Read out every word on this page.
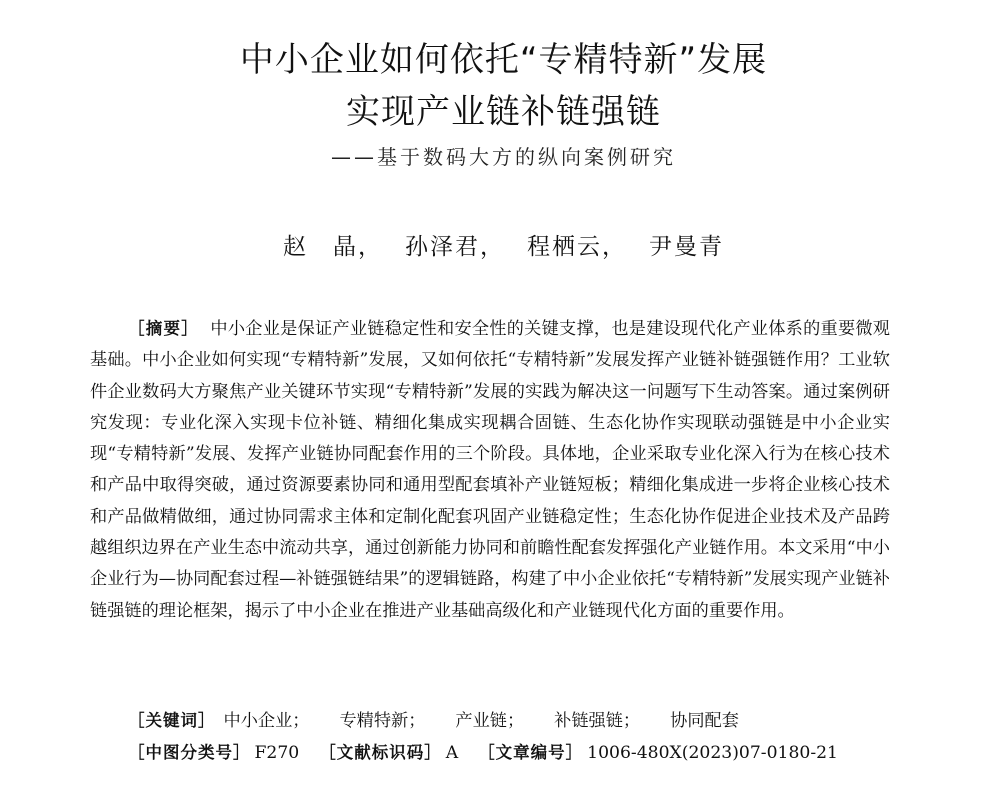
中小企业如何依托“专精特新”发展
实现产业链补链强链
——基于数码大方的纵向案例研究
赵　晶， 孙泽君， 程栖云， 尹曼青

［摘要］ 中小企业是保证产业链稳定性和安全性的关键支撑，也是建设现代化产业体系的重要微观基础。中小企业如何实现“专精特新”发展，又如何依托“专精特新”发展发挥产业链补链强链作用？工业软件企业数码大方聚焦产业关键环节实现“专精特新”发展的实践为解决这一问题写下生动答案。通过案例研究发现：专业化深入实现卡位补链、精细化集成实现耦合固链、生态化协作实现联动强链是中小企业实现“专精特新”发展、发挥产业链协同配套作用的三个阶段。具体地，企业采取专业化深入行为在核心技术和产品中取得突破，通过资源要素协同和通用型配套填补产业链短板；精细化集成进一步将企业核心技术和产品做精做细，通过协同需求主体和定制化配套巩固产业链稳定性；生态化协作促进企业技术及产品跨越组织边界在产业生态中流动共享，通过创新能力协同和前瞻性配套发挥强化产业链作用。本文采用“中小企业行为—协同配套过程—补链强链结果”的逻辑链路，构建了中小企业依托“专精特新”发展实现产业链补链强链的理论框架，揭示了中小企业在推进产业基础高级化和产业链现代化方面的重要作用。

［关键词］ 中小企业； 专精特新； 产业链； 补链强链； 协同配套
［中图分类号］ F270 ［文献标识码］ A ［文章编号］ 1006-480X(2023)07-0180-21
